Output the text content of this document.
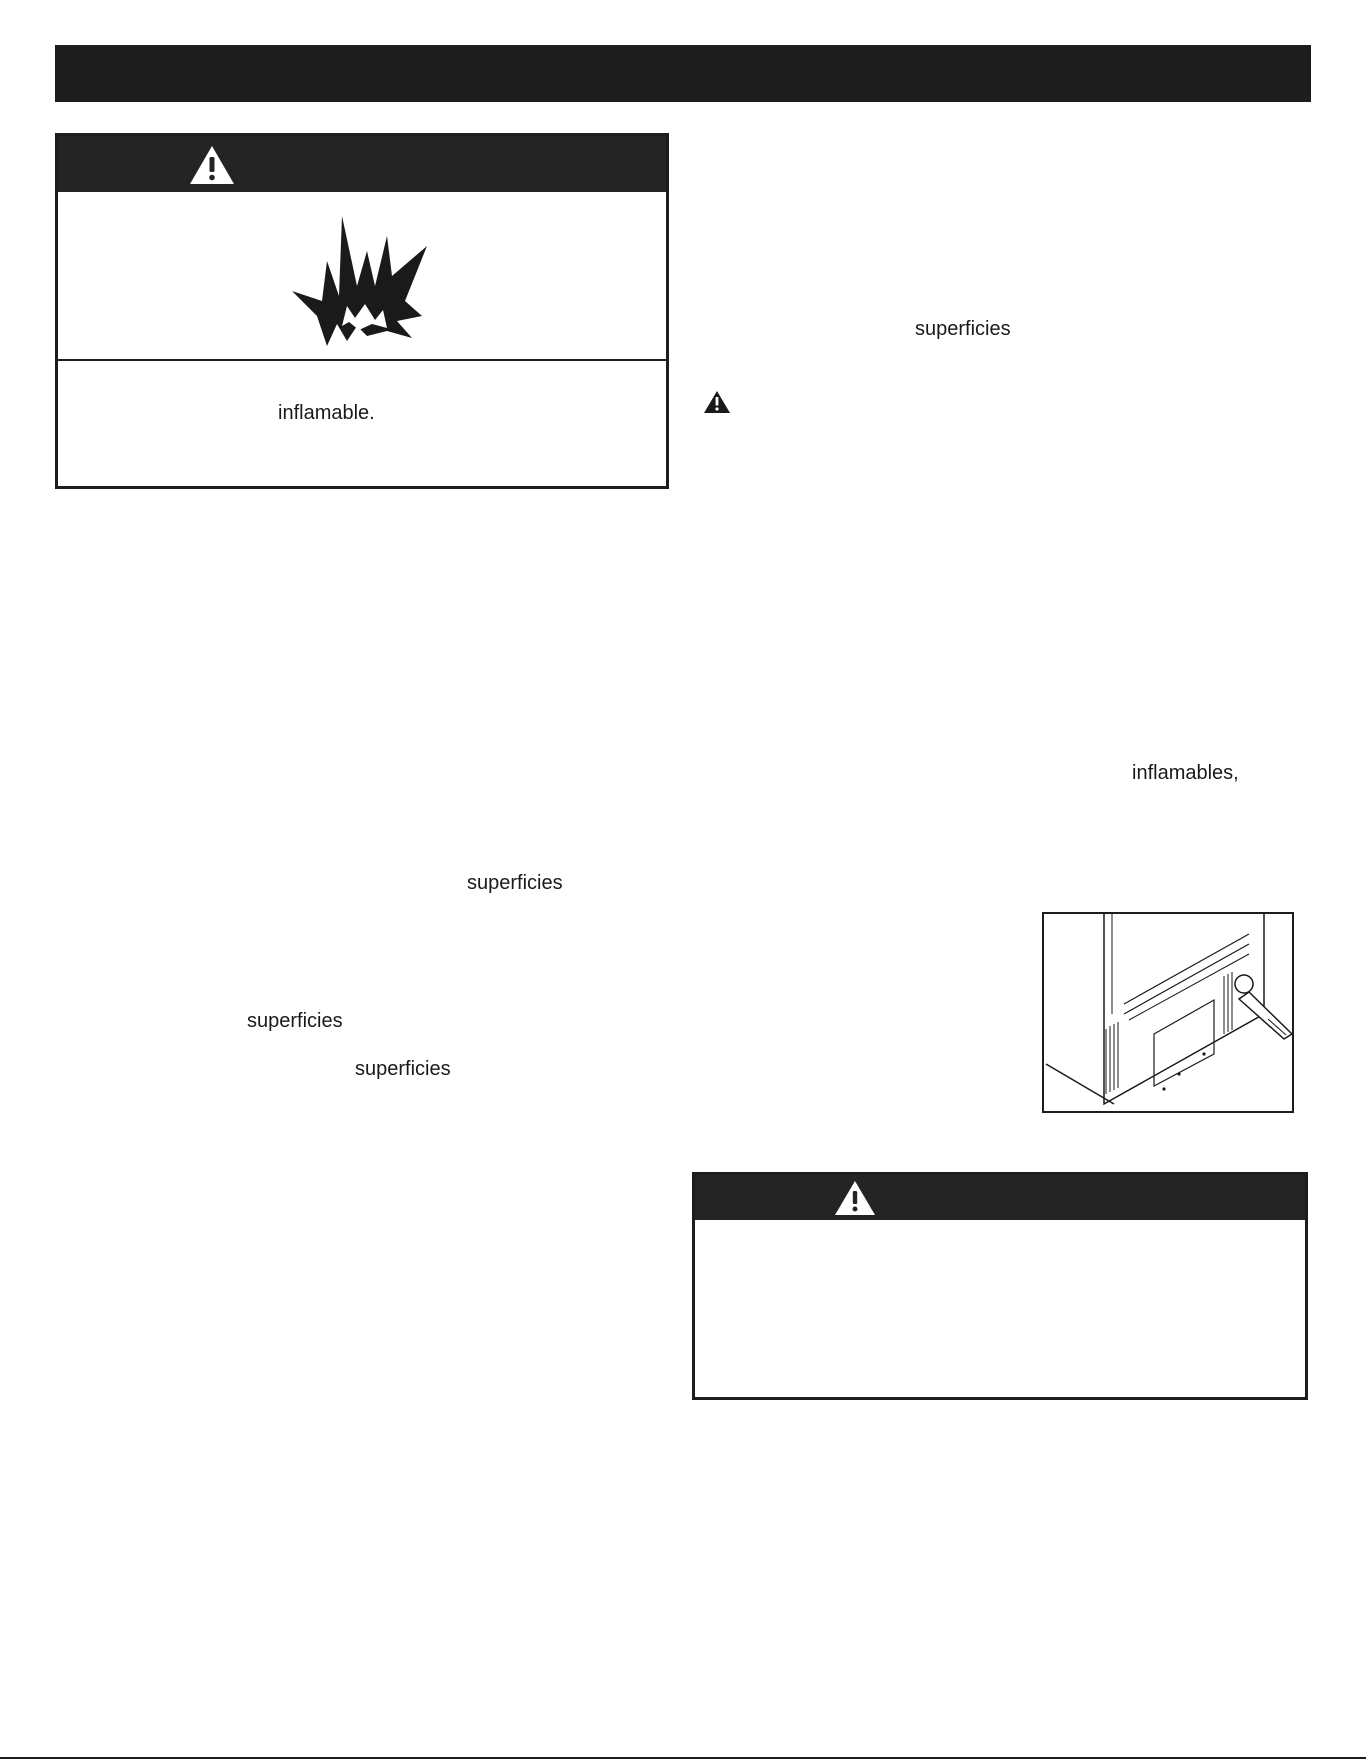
inflamable.
superficies
superficies
superficies
superficies
inflamables,
